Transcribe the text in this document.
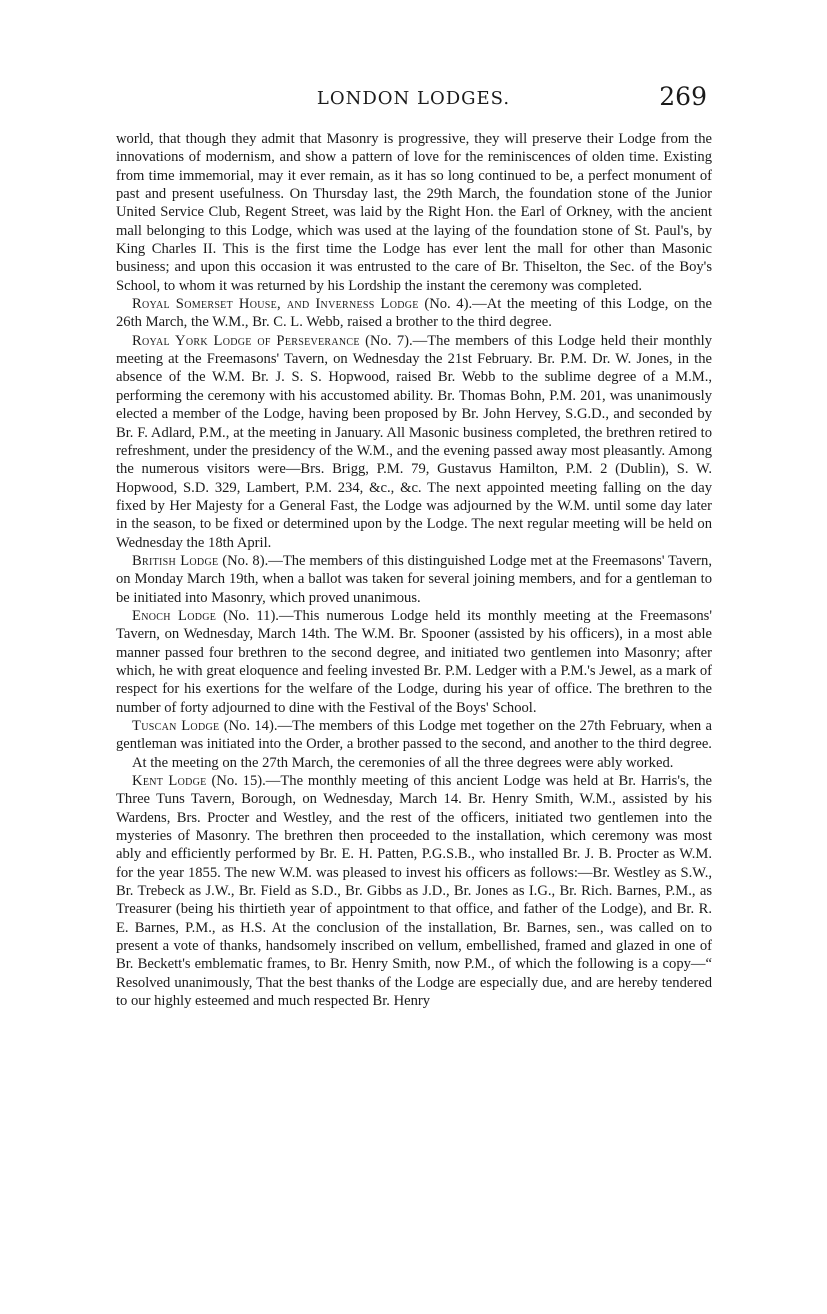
LONDON LODGES.	269

world, that though they admit that Masonry is progressive, they will preserve their Lodge from the innovations of modernism, and show a pattern of love for the reminiscences of olden time. Existing from time immemorial, may it ever remain, as it has so long continued to be, a perfect monument of past and present usefulness. On Thursday last, the 29th March, the foundation stone of the Junior United Service Club, Regent Street, was laid by the Right Hon. the Earl of Orkney, with the ancient mall belonging to this Lodge, which was used at the laying of the foundation stone of St. Paul's, by King Charles II. This is the first time the Lodge has ever lent the mall for other than Masonic business; and upon this occasion it was entrusted to the care of Br. Thiselton, the Sec. of the Boy's School, to whom it was returned by his Lordship the instant the ceremony was completed.

Royal Somerset House, and Inverness Lodge (No. 4).—At the meeting of this Lodge, on the 26th March, the W.M., Br. C. L. Webb, raised a brother to the third degree.

Royal York Lodge of Perseverance (No. 7).—The members of this Lodge held their monthly meeting at the Freemasons' Tavern, on Wednesday the 21st February. Br. P.M. Dr. W. Jones, in the absence of the W.M. Br. J. S. S. Hopwood, raised Br. Webb to the sublime degree of a M.M., performing the ceremony with his accustomed ability. Br. Thomas Bohn, P.M. 201, was unanimously elected a member of the Lodge, having been proposed by Br. John Hervey, S.G.D., and seconded by Br. F. Adlard, P.M., at the meeting in January. All Masonic business completed, the brethren retired to refreshment, under the presidency of the W.M., and the evening passed away most pleasantly. Among the numerous visitors were—Brs. Brigg, P.M. 79, Gustavus Hamilton, P.M. 2 (Dublin), S. W. Hopwood, S.D. 329, Lambert, P.M. 234, &c., &c. The next appointed meeting falling on the day fixed by Her Majesty for a General Fast, the Lodge was adjourned by the W.M. until some day later in the season, to be fixed or determined upon by the Lodge. The next regular meeting will be held on Wednesday the 18th April.

British Lodge (No. 8).—The members of this distinguished Lodge met at the Freemasons' Tavern, on Monday March 19th, when a ballot was taken for several joining members, and for a gentleman to be initiated into Masonry, which proved unanimous.

Enoch Lodge (No. 11).—This numerous Lodge held its monthly meeting at the Freemasons' Tavern, on Wednesday, March 14th. The W.M. Br. Spooner (assisted by his officers), in a most able manner passed four brethren to the second degree, and initiated two gentlemen into Masonry; after which, he with great eloquence and feeling invested Br. P.M. Ledger with a P.M.'s Jewel, as a mark of respect for his exertions for the welfare of the Lodge, during his year of office. The brethren to the number of forty adjourned to dine with the Festival of the Boys' School.

Tuscan Lodge (No. 14).—The members of this Lodge met together on the 27th February, when a gentleman was initiated into the Order, a brother passed to the second, and another to the third degree.

At the meeting on the 27th March, the ceremonies of all the three degrees were ably worked.

Kent Lodge (No. 15).—The monthly meeting of this ancient Lodge was held at Br. Harris's, the Three Tuns Tavern, Borough, on Wednesday, March 14. Br. Henry Smith, W.M., assisted by his Wardens, Brs. Procter and Westley, and the rest of the officers, initiated two gentlemen into the mysteries of Masonry. The brethren then proceeded to the installation, which ceremony was most ably and efficiently performed by Br. E. H. Patten, P.G.S.B., who installed Br. J. B. Procter as W.M. for the year 1855. The new W.M. was pleased to invest his officers as follows:—Br. Westley as S.W., Br. Trebeck as J.W., Br. Field as S.D., Br. Gibbs as J.D., Br. Jones as I.G., Br. Rich. Barnes, P.M., as Treasurer (being his thirtieth year of appointment to that office, and father of the Lodge), and Br. R. E. Barnes, P.M., as H.S. At the conclusion of the installation, Br. Barnes, sen., was called on to present a vote of thanks, handsomely inscribed on vellum, embellished, framed and glazed in one of Br. Beckett's emblematic frames, to Br. Henry Smith, now P.M., of which the following is a copy—“ Resolved unanimously, That the best thanks of the Lodge are especially due, and are hereby tendered to our highly esteemed and much respected Br. Henry
